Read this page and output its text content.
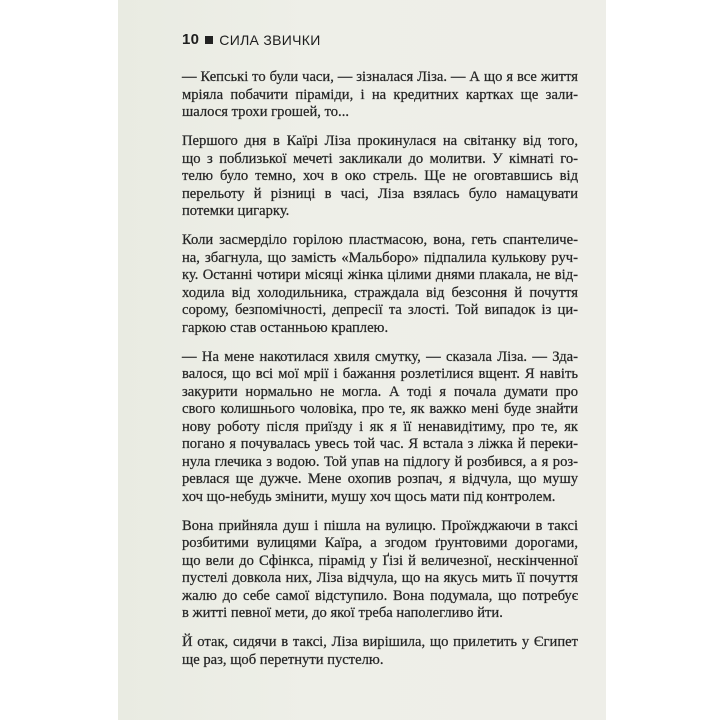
10 СИЛА ЗВИЧКИ
— Кепські то були часи, — зізналася Ліза. — А що я все життя
мріяла побачити піраміди, і на кредитних картках ще зали-
шалося трохи грошей, то...
Першого дня в Каїрі Ліза прокинулася на світанку від того,
що з поблизької мечеті закликали до молитви. У кімнаті го-
телю було темно, хоч в око стрель. Ще не оговтавшись від
перельоту й різниці в часі, Ліза взялась було намацувати
потемки цигарку.
Коли засмерділо горілою пластмасою, вона, геть спантеличе-
на, збагнула, що замість «Мальборо» підпалила кулькову руч-
ку. Останні чотири місяці жінка цілими днями плакала, не від-
ходила від холодильника, страждала від безсоння й почуття
сорому, безпомічності, депресії та злості. Той випадок із ци-
гаркою став останньою краплею.
— На мене накотилася хвиля смутку, — сказала Ліза. — Зда-
валося, що всі мої мрії і бажання розлетілися вщент. Я навіть
закурити нормально не могла. А тоді я почала думати про
свого колишнього чоловіка, про те, як важко мені буде знайти
нову роботу після приїзду і як я її ненавидітиму, про те, як
погано я почувалась увесь той час. Я встала з ліжка й переки-
нула глечика з водою. Той упав на підлогу й розбився, а я роз-
ревлася ще дужче. Мене охопив розпач, я відчула, що мушу
хоч що-небудь змінити, мушу хоч щось мати під контролем.
Вона прийняла душ і пішла на вулицю. Проїжджаючи в таксі
розбитими вулицями Каїра, а згодом ґрунтовими дорогами,
що вели до Сфінкса, пірамід у Ґізі й величезної, нескінченної
пустелі довкола них, Ліза відчула, що на якусь мить її почуття
жалю до себе самої відступило. Вона подумала, що потребує
в житті певної мети, до якої треба наполегливо йти.
Й отак, сидячи в таксі, Ліза вирішила, що прилетить у Єгипет
ще раз, щоб перетнути пустелю.
